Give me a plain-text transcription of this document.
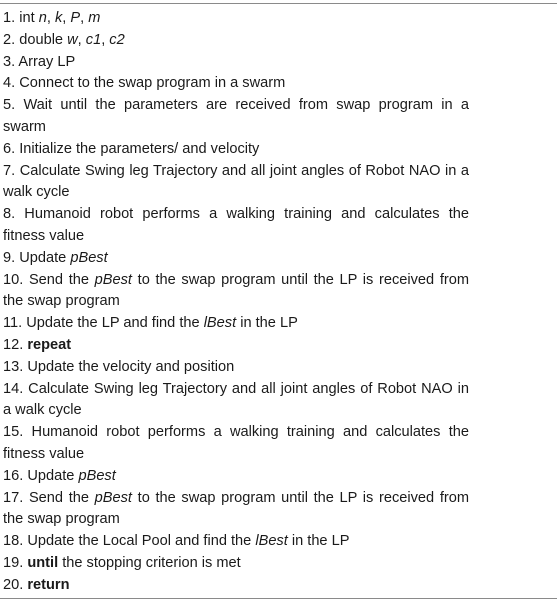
1. int n, k, P, m
2. double w, c1, c2
3. Array LP
4. Connect to the swap program in a swarm
5. Wait until the parameters are received from swap program in a swarm
6. Initialize the parameters/ and velocity
7. Calculate Swing leg Trajectory and all joint angles of Robot NAO in a walk cycle
8. Humanoid robot performs a walking training and calculates the fitness value
9. Update pBest
10. Send the pBest to the swap program until the LP is received from the swap program
11. Update the LP and find the lBest in the LP
12. repeat
13. Update the velocity and position
14. Calculate Swing leg Trajectory and all joint angles of Robot NAO in a walk cycle
15. Humanoid robot performs a walking training and calculates the fitness value
16. Update pBest
17. Send the pBest to the swap program until the LP is received from the swap program
18. Update the Local Pool and find the lBest in the LP
19. until the stopping criterion is met
20. return
